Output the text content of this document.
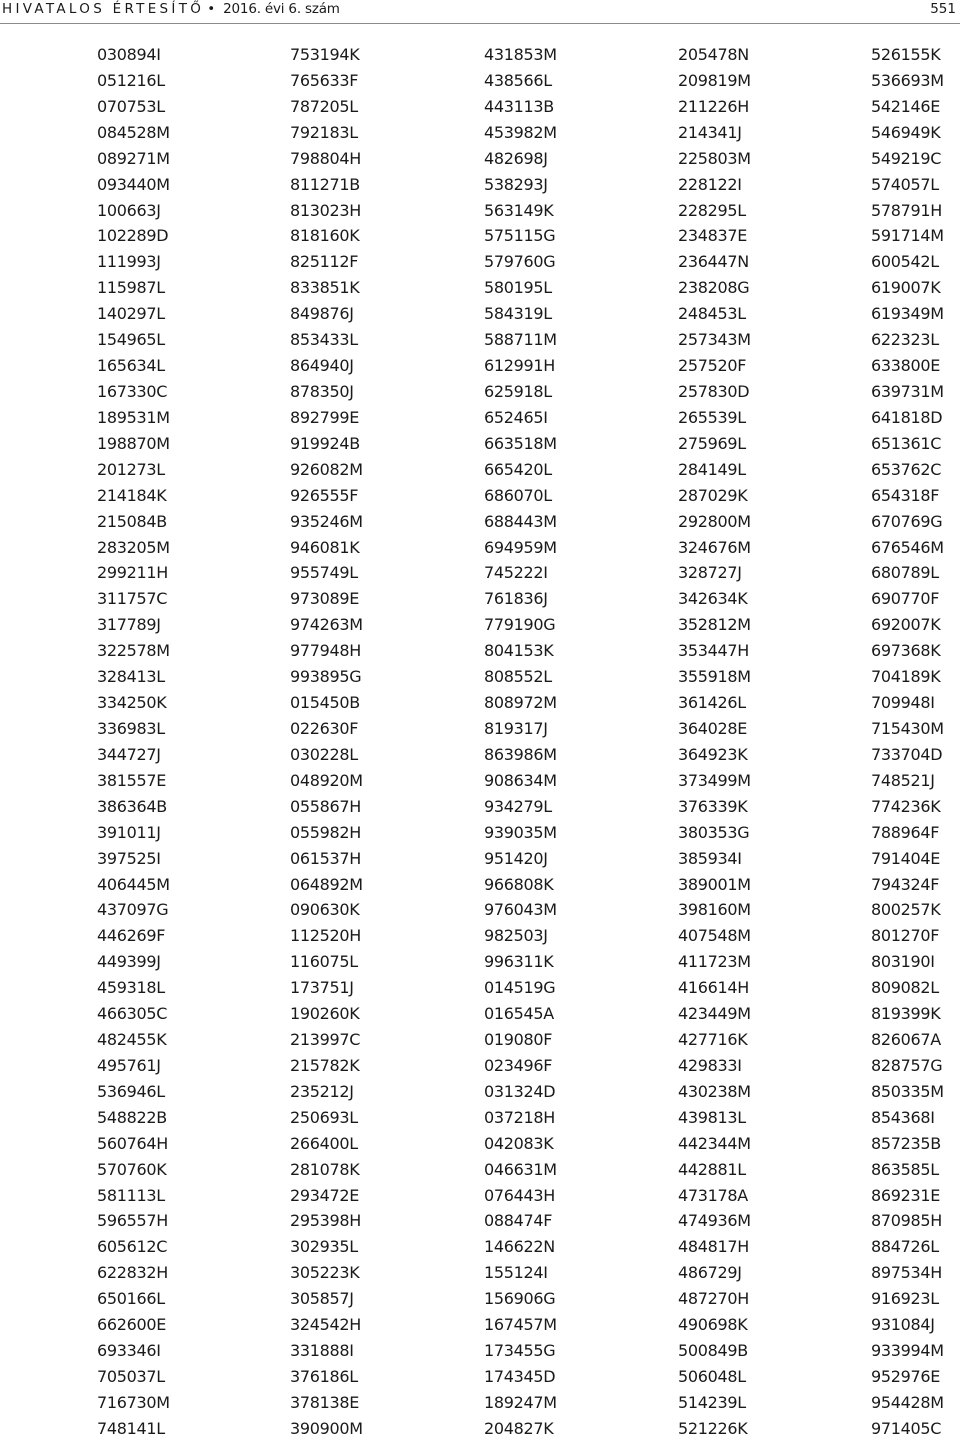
HIVATALOS ÉRTESÍTŐ • 2016. évi 6. szám	551
030894I
051216L
070753L
084528M
089271M
093440M
100663J
102289D
111993J
115987L
140297L
154965L
165634L
167330C
189531M
198870M
201273L
214184K
215084B
283205M
299211H
311757C
317789J
322578M
328413L
334250K
336983L
344727J
381557E
386364B
391011J
397525I
406445M
437097G
446269F
449399J
459318L
466305C
482455K
495761J
536946L
548822B
560764H
570760K
581113L
596557H
605612C
622832H
650166L
662600E
693346I
705037L
716730M
748141L
753194K
765633F
787205L
792183L
798804H
811271B
813023H
818160K
825112F
833851K
849876J
853433L
864940J
878350J
892799E
919924B
926082M
926555F
935246M
946081K
955749L
973089E
974263M
977948H
993895G
015450B
022630F
030228L
048920M
055867H
055982H
061537H
064892M
090630K
112520H
116075L
173751J
190260K
213997C
215782K
235212J
250693L
266400L
281078K
293472E
295398H
302935L
305223K
305857J
324542H
331888I
376186L
378138E
390900M
431853M
438566L
443113B
453982M
482698J
538293J
563149K
575115G
579760G
580195L
584319L
588711M
612991H
625918L
652465I
663518M
665420L
686070L
688443M
694959M
745222I
761836J
779190G
804153K
808552L
808972M
819317J
863986M
908634M
934279L
939035M
951420J
966808K
976043M
982503J
996311K
014519G
016545A
019080F
023496F
031324D
037218H
042083K
046631M
076443H
088474F
146622N
155124I
156906G
167457M
173455G
174345D
189247M
204827K
205478N
209819M
211226H
214341J
225803M
228122I
228295L
234837E
236447N
238208G
248453L
257343M
257520F
257830D
265539L
275969L
284149L
287029K
292800M
324676M
328727J
342634K
352812M
353447H
355918M
361426L
364028E
364923K
373499M
376339K
380353G
385934I
389001M
398160M
407548M
411723M
416614H
423449M
427716K
429833I
430238M
439813L
442344M
442881L
473178A
474936M
484817H
486729J
487270H
490698K
500849B
506048L
514239L
521226K
526155K
536693M
542146E
546949K
549219C
574057L
578791H
591714M
600542L
619007K
619349M
622323L
633800E
639731M
641818D
651361C
653762C
654318F
670769G
676546M
680789L
690770F
692007K
697368K
704189K
709948I
715430M
733704D
748521J
774236K
788964F
791404E
794324F
800257K
801270F
803190I
809082L
819399K
826067A
828757G
850335M
854368I
857235B
863585L
869231E
870985H
884726L
897534H
916923L
931084J
933994M
952976E
954428M
971405C
